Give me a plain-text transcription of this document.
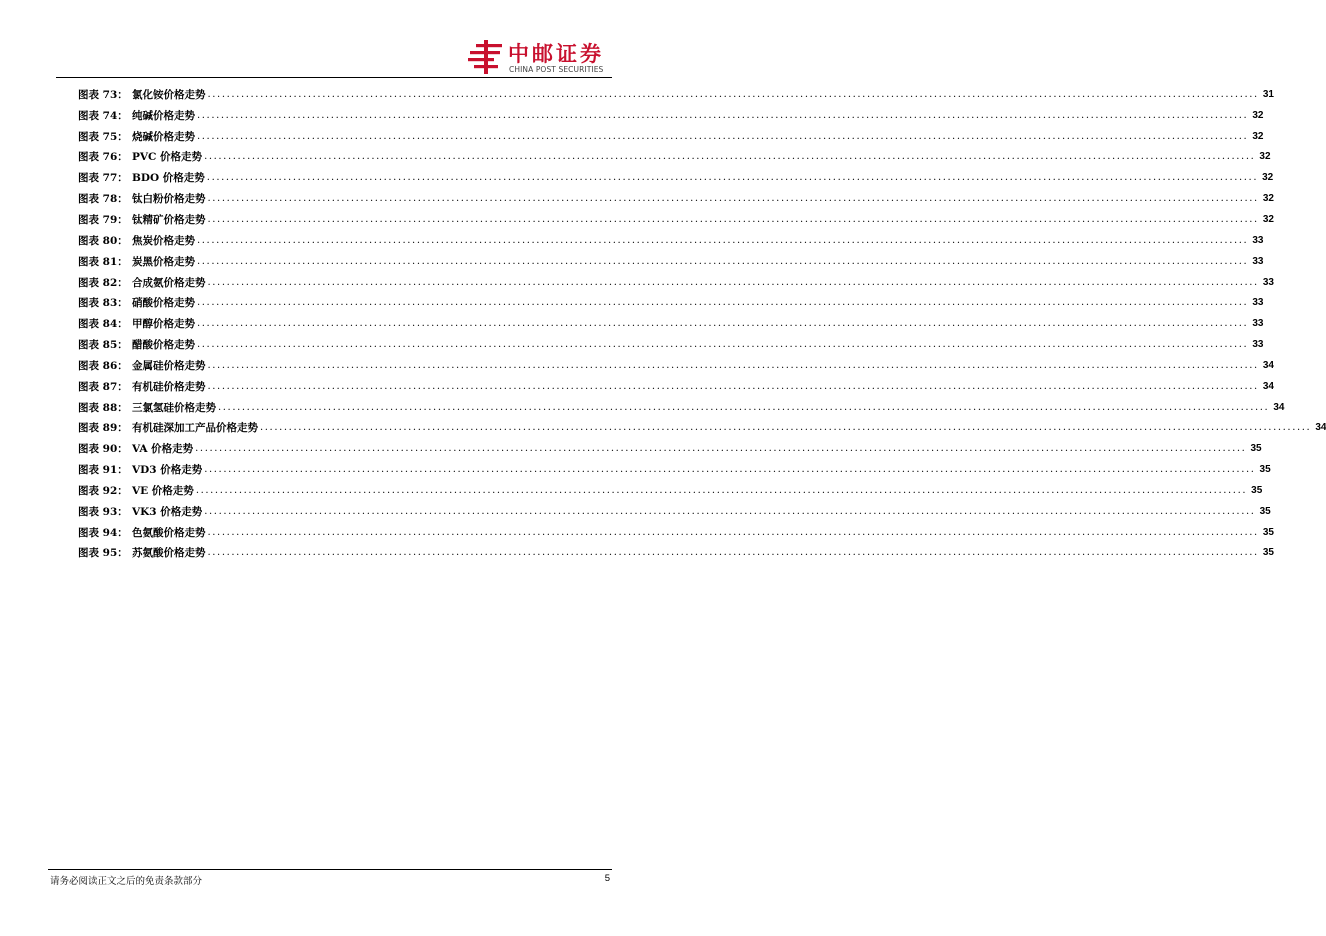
中邮证券
CHINA POST SECURITIES
图表 73： 氯化铵价格走势 ............................................................................................................................................................................................................................ 31
图表 74： 纯碱价格走势 ............................................................................................................................................................................................................................ 32
图表 75： 烧碱价格走势 ............................................................................................................................................................................................................................ 32
图表 76： PVC 价格走势 ............................................................................................................................................................................................................................ 32
图表 77： BDO 价格走势 ............................................................................................................................................................................................................................ 32
图表 78： 钛白粉价格走势 ............................................................................................................................................................................................................................ 32
图表 79： 钛精矿价格走势 ............................................................................................................................................................................................................................ 32
图表 80： 焦炭价格走势 ............................................................................................................................................................................................................................ 33
图表 81： 炭黑价格走势 ............................................................................................................................................................................................................................ 33
图表 82： 合成氨价格走势 ............................................................................................................................................................................................................................ 33
图表 83： 硝酸价格走势 ............................................................................................................................................................................................................................ 33
图表 84： 甲醇价格走势 ............................................................................................................................................................................................................................ 33
图表 85： 醋酸价格走势 ............................................................................................................................................................................................................................ 33
图表 86： 金属硅价格走势 ............................................................................................................................................................................................................................ 34
图表 87： 有机硅价格走势 ............................................................................................................................................................................................................................ 34
图表 88： 三氯氢硅价格走势 ............................................................................................................................................................................................................................ 34
图表 89： 有机硅深加工产品价格走势 ............................................................................................................................................................................................................................ 34
图表 90： VA 价格走势 ............................................................................................................................................................................................................................ 35
图表 91： VD3 价格走势 ............................................................................................................................................................................................................................ 35
图表 92： VE 价格走势 ............................................................................................................................................................................................................................ 35
图表 93： VK3 价格走势 ............................................................................................................................................................................................................................ 35
图表 94： 色氨酸价格走势 ............................................................................................................................................................................................................................ 35
图表 95： 苏氨酸价格走势 ............................................................................................................................................................................................................................ 35
请务必阅读正文之后的免责条款部分	5
